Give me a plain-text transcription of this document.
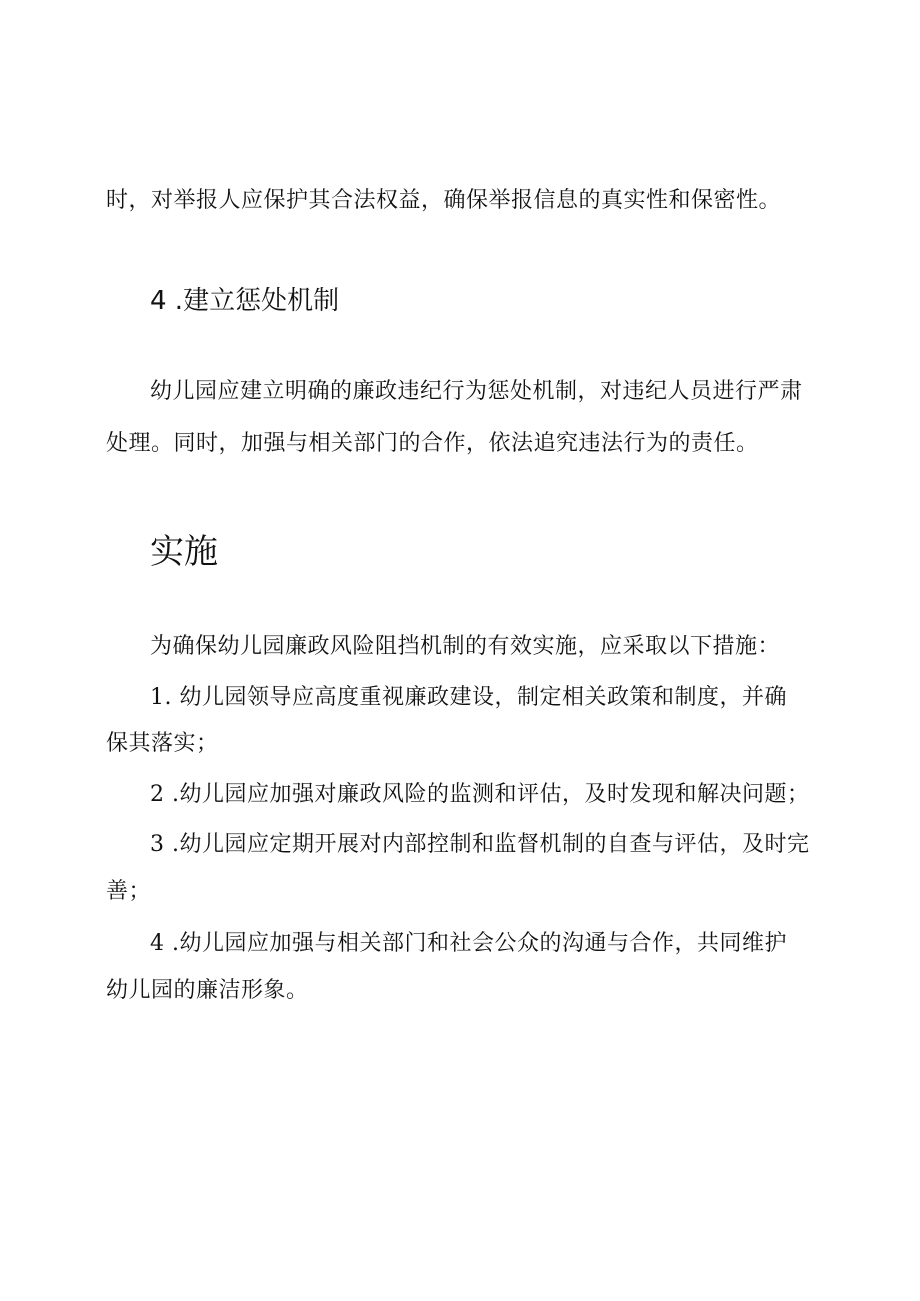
时，对举报人应保护其合法权益，确保举报信息的真实性和保密性。
4 .建立惩处机制
幼儿园应建立明确的廉政违纪行为惩处机制，对违纪人员进行严肃
处理。同时，加强与相关部门的合作，依法追究违法行为的责任。
实施
为确保幼儿园廉政风险阻挡机制的有效实施，应采取以下措施：
1. 幼儿园领导应高度重视廉政建设，制定相关政策和制度，并确
保其落实；
2 .幼儿园应加强对廉政风险的监测和评估，及时发现和解决问题；
3 .幼儿园应定期开展对内部控制和监督机制的自查与评估，及时完
善；
4 .幼儿园应加强与相关部门和社会公众的沟通与合作，共同维护
幼儿园的廉洁形象。
